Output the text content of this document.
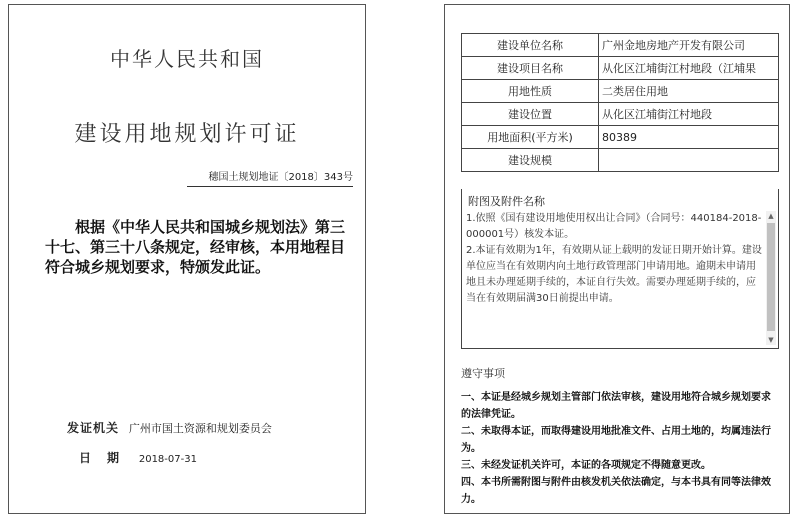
中华人民共和国
建设用地规划许可证
穗国土规划地证〔2018〕343号
根据《中华人民共和国城乡规划法》第三十七、第三十八条规定，经审核，本用地程目符合城乡规划要求，特颁发此证。
发证机关 广州市国土资源和规划委员会
日期 2018-07-31
建设单位名称	广州金地房地产开发有限公司
建设项目名称	从化区江埔街江村地段（江埔果
用地性质	二类居住用地
建设位置	从化区江埔街江村地段
用地面积(平方米)	80389
建设规模	
附图及附件名称

1.依照《国有建设用地使用权出让合同》（合同号：440184-2018-000001号）核发本证。

2.本证有效期为1年，有效期从证上载明的发证日期开始计算。建设单位应当在有效期内向土地行政管理部门申请用地。逾期未申请用地且未办理延期手续的，本证自行失效。需要办理延期手续的，应当在有效期届满30日前提出申请。

▲
▼
遵守事项

一、本证是经城乡规划主管部门依法审核，建设用地符合城乡规划要求的法律凭证。

二、未取得本证，而取得建设用地批准文件、占用土地的，均属违法行为。

三、未经发证机关许可，本证的各项规定不得随意更改。

四、本书所需附图与附件由核发机关依法确定，与本书具有同等法律效力。
